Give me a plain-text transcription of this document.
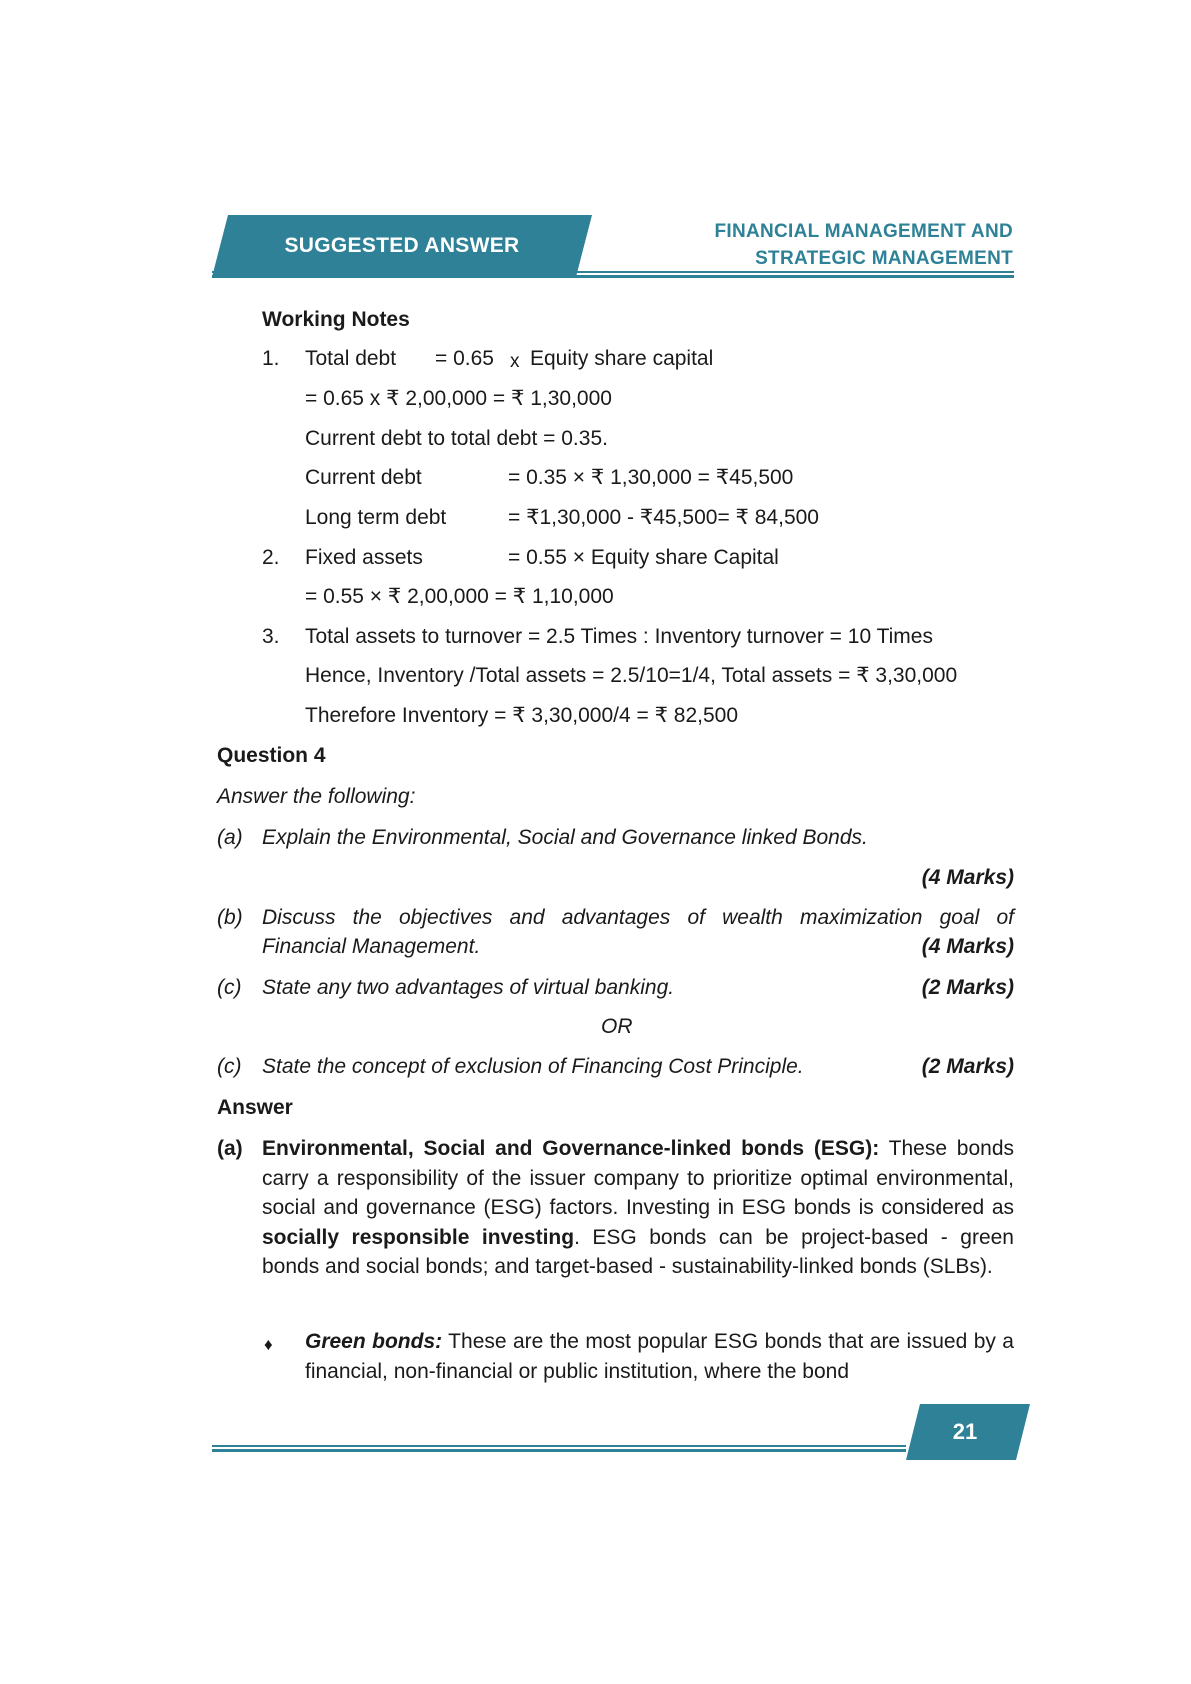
SUGGESTED ANSWER
FINANCIAL MANAGEMENT AND
STRATEGIC MANAGEMENT
Working Notes
1. Total debt = 0.65 x Equity share capital
= 0.65 x ₹ 2,00,000 = ₹ 1,30,000
Current debt to total debt = 0.35.
Current debt	= 0.35 × ₹ 1,30,000 = ₹45,500
Long term debt	= ₹1,30,000 - ₹45,500= ₹ 84,500
2. Fixed assets	= 0.55 × Equity share Capital
= 0.55 × ₹ 2,00,000 = ₹ 1,10,000
3. Total assets to turnover = 2.5 Times : Inventory turnover = 10 Times
Hence, Inventory /Total assets = 2.5/10=1/4, Total assets = ₹ 3,30,000
Therefore Inventory = ₹ 3,30,000/4 = ₹ 82,500
Question 4
Answer the following:
(a) Explain the Environmental, Social and Governance linked Bonds.
(4 Marks)
(b) Discuss the objectives and advantages of wealth maximization goal of
Financial Management.	(4 Marks)
(c) State any two advantages of virtual banking.	(2 Marks)
OR
(c) State the concept of exclusion of Financing Cost Principle.	(2 Marks)
Answer
(a) Environmental, Social and Governance-linked bonds (ESG): These bonds carry a responsibility of the issuer company to prioritize optimal environmental, social and governance (ESG) factors. Investing in ESG bonds is considered as socially responsible investing. ESG bonds can be project-based - green bonds and social bonds; and target-based - sustainability-linked bonds (SLBs).
♦ Green bonds: These are the most popular ESG bonds that are issued by a financial, non-financial or public institution, where the bond
21
